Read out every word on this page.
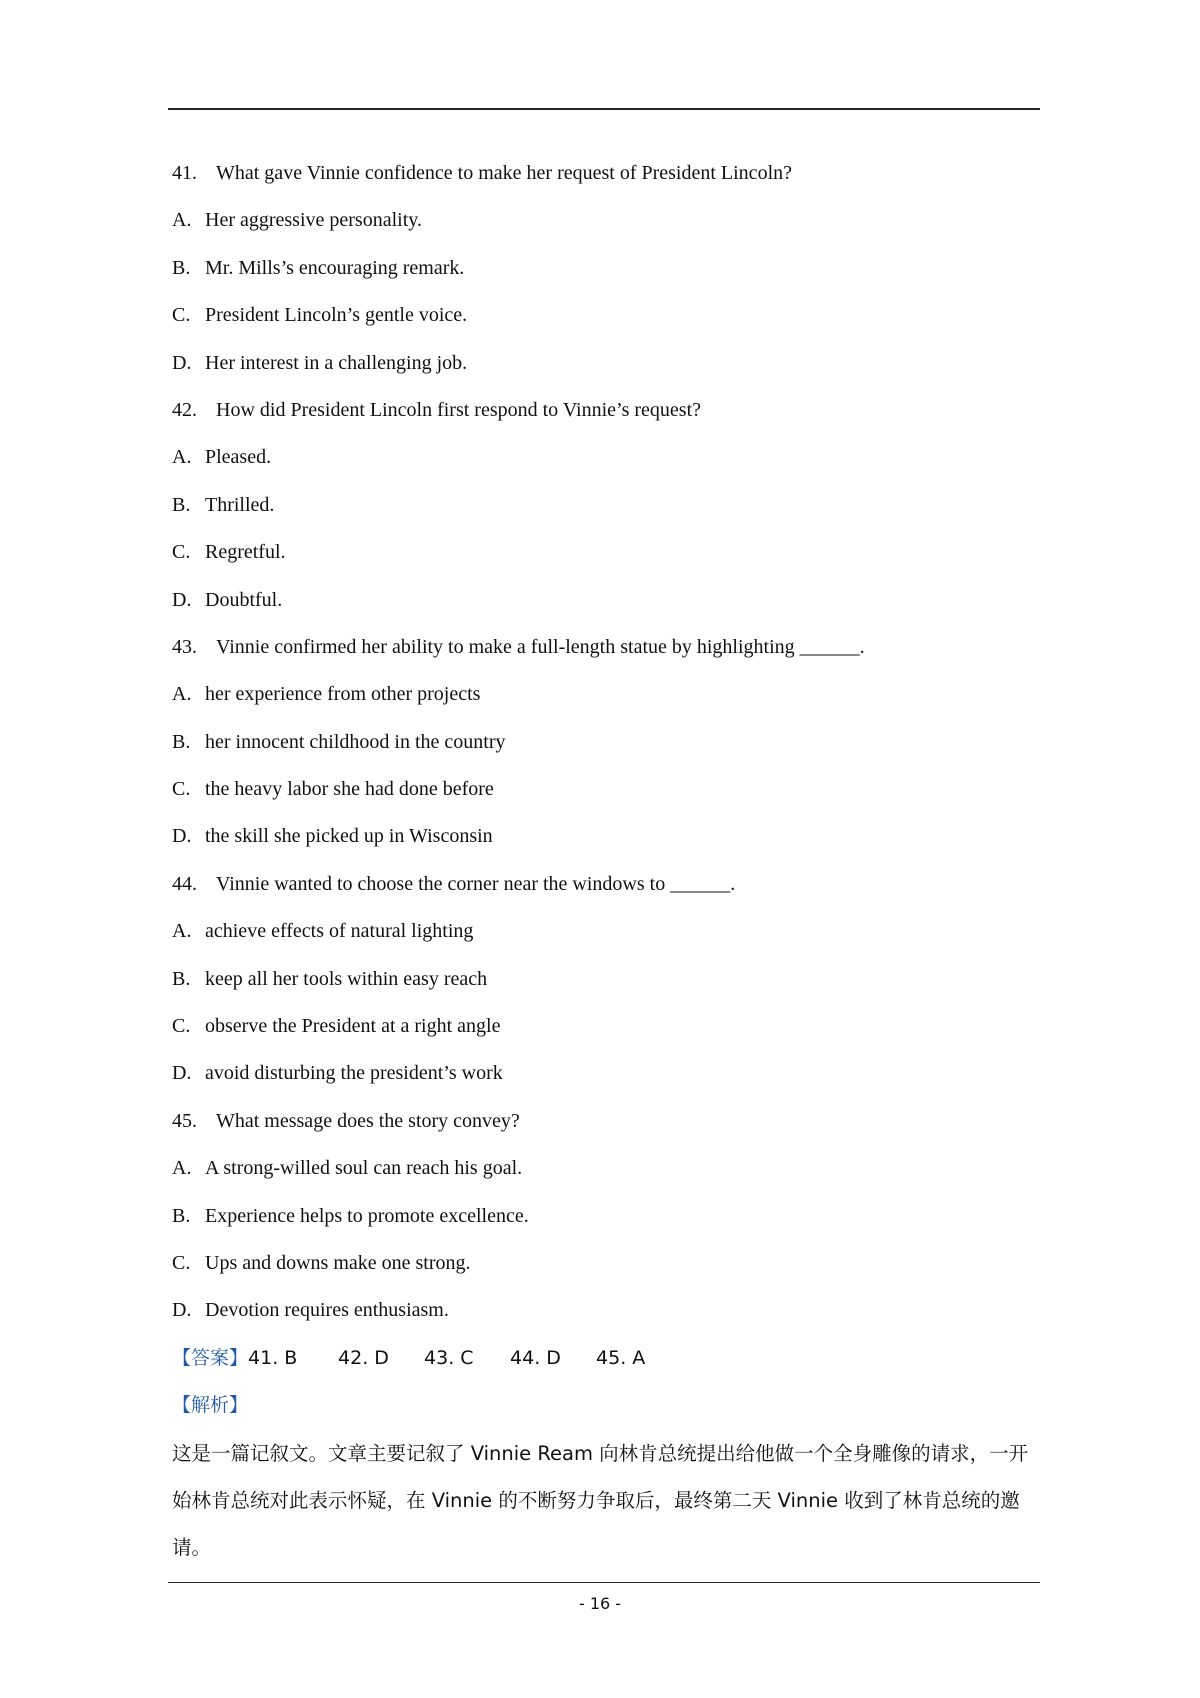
41. What gave Vinnie confidence to make her request of President Lincoln?
A. Her aggressive personality.
B. Mr. Mills’s encouraging remark.
C. President Lincoln’s gentle voice.
D. Her interest in a challenging job.
42. How did President Lincoln first respond to Vinnie’s request?
A. Pleased.
B. Thrilled.
C. Regretful.
D. Doubtful.
43. Vinnie confirmed her ability to make a full-length statue by highlighting ______.
A. her experience from other projects
B. her innocent childhood in the country
C. the heavy labor she had done before
D. the skill she picked up in Wisconsin
44. Vinnie wanted to choose the corner near the windows to ______.
A. achieve effects of natural lighting
B. keep all her tools within easy reach
C. observe the President at a right angle
D. avoid disturbing the president’s work
45. What message does the story convey?
A. A strong-willed soul can reach his goal.
B. Experience helps to promote excellence.
C. Ups and downs make one strong.
D. Devotion requires enthusiasm.
【答案】41. B 42. D 43. C 44. D 45. A
【解析】
这是一篇记叙文。文章主要记叙了 Vinnie Ream 向林肯总统提出给他做一个全身雕像的请求，一开始林肯总统对此表示怀疑，在 Vinnie 的不断努力争取后，最终第二天 Vinnie 收到了林肯总统的邀请。
- 16 -
